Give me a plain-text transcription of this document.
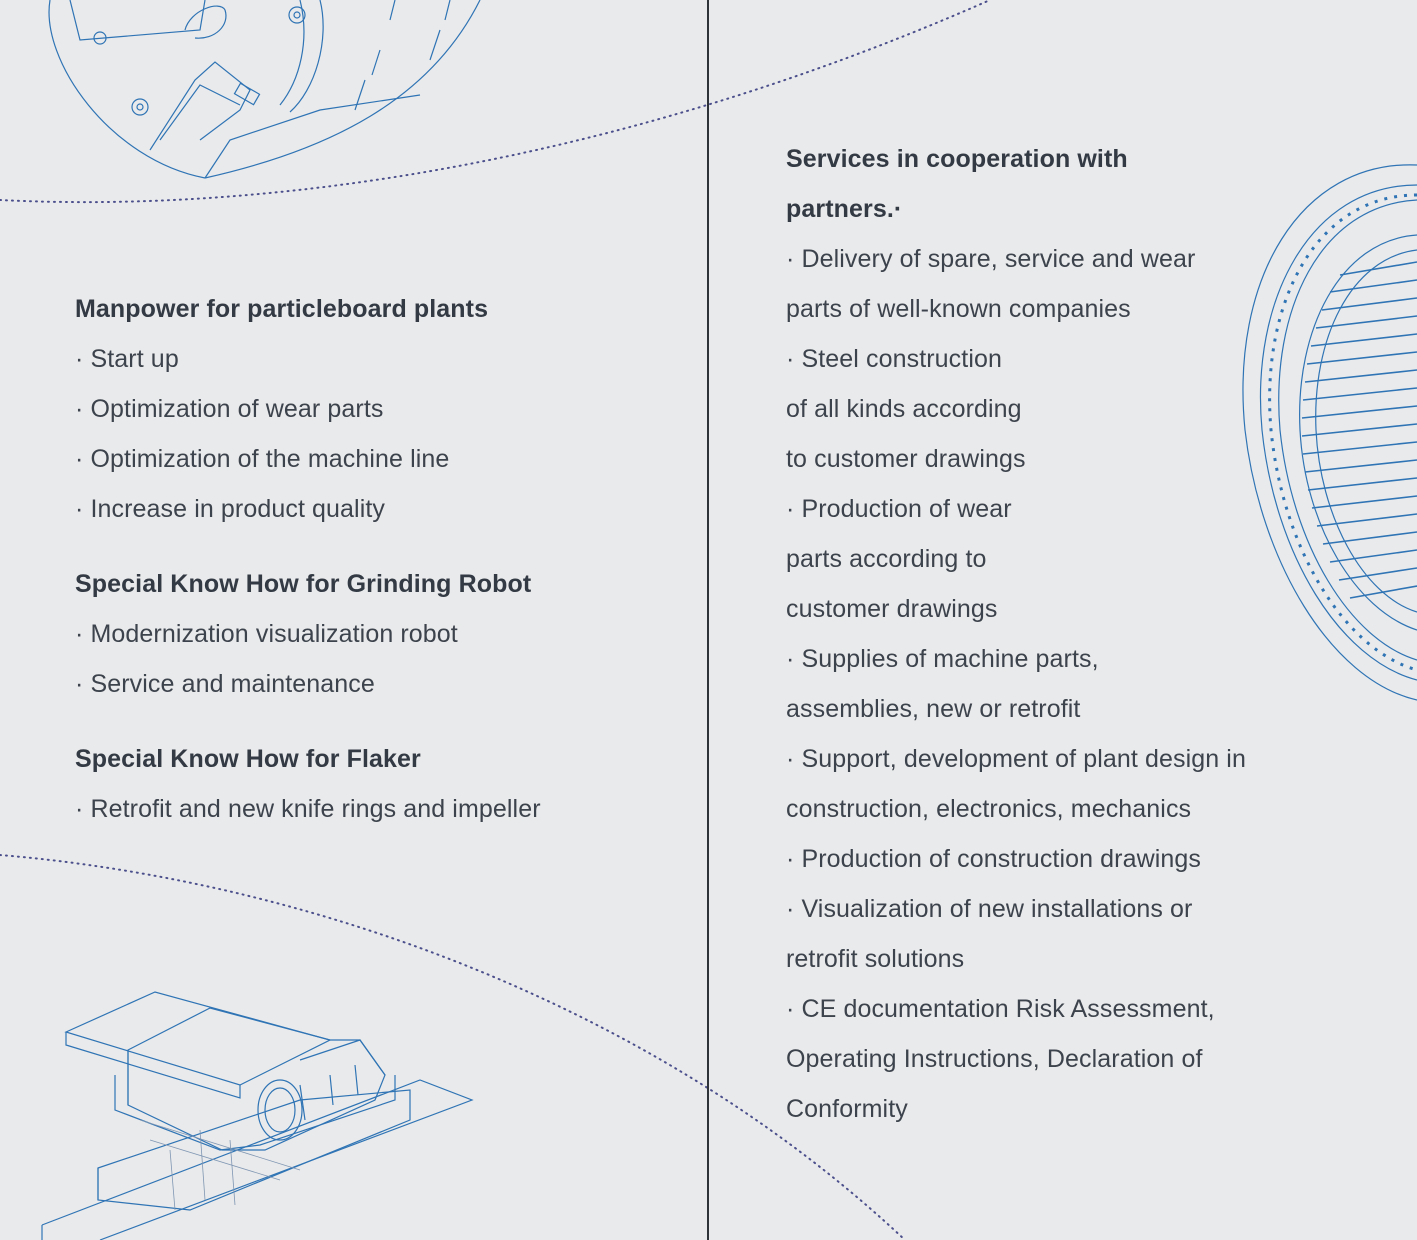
Manpower for particleboard plants
· Start up
· Optimization of wear parts
· Optimization of the machine line
· Increase in product quality
Special Know How for Grinding Robot
· Modernization visualization robot
· Service and maintenance
Special Know How for Flaker
· Retrofit and new knife rings and impeller
Services in cooperation with partners.·
· Delivery of spare, service and wear
parts of well-known companies
· Steel construction
of all kinds according
to customer drawings
· Production of wear
parts according to
customer drawings
· Supplies of machine parts,
assemblies, new or retrofit
· Support, development of plant design in
construction, electronics, mechanics
· Production of construction drawings
· Visualization of new installations or
retrofit solutions
· CE documentation Risk Assessment,
Operating Instructions, Declaration of
Conformity
